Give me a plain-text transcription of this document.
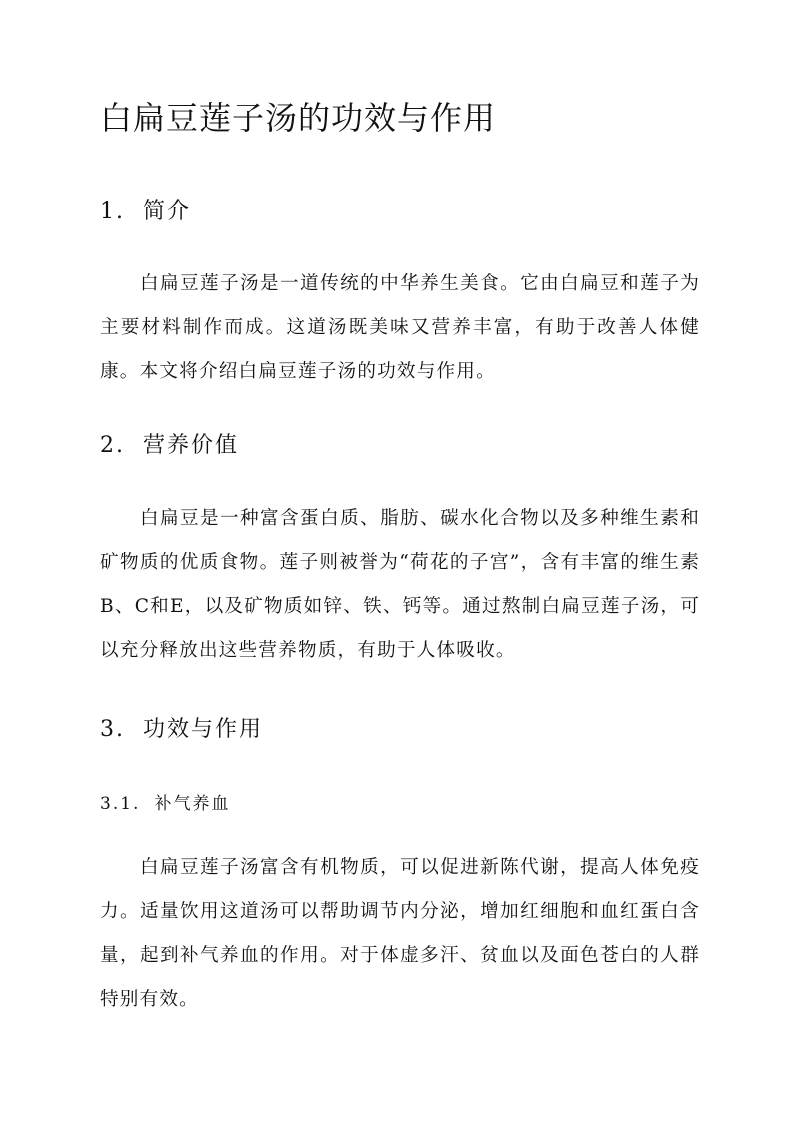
白扁豆莲子汤的功效与作用
1. 简介

白扁豆莲子汤是一道传统的中华养生美食。它由白扁豆和莲子为主要材料制作而成。这道汤既美味又营养丰富，有助于改善人体健康。本文将介绍白扁豆莲子汤的功效与作用。

2. 营养价值

白扁豆是一种富含蛋白质、脂肪、碳水化合物以及多种维生素和矿物质的优质食物。莲子则被誉为“荷花的子宫”，含有丰富的维生素B、C和E，以及矿物质如锌、铁、钙等。通过熬制白扁豆莲子汤，可以充分释放出这些营养物质，有助于人体吸收。

3. 功效与作用
3.1. 补气养血

白扁豆莲子汤富含有机物质，可以促进新陈代谢，提高人体免疫力。适量饮用这道汤可以帮助调节内分泌，增加红细胞和血红蛋白含量，起到补气养血的作用。对于体虚多汗、贫血以及面色苍白的人群特别有效。
